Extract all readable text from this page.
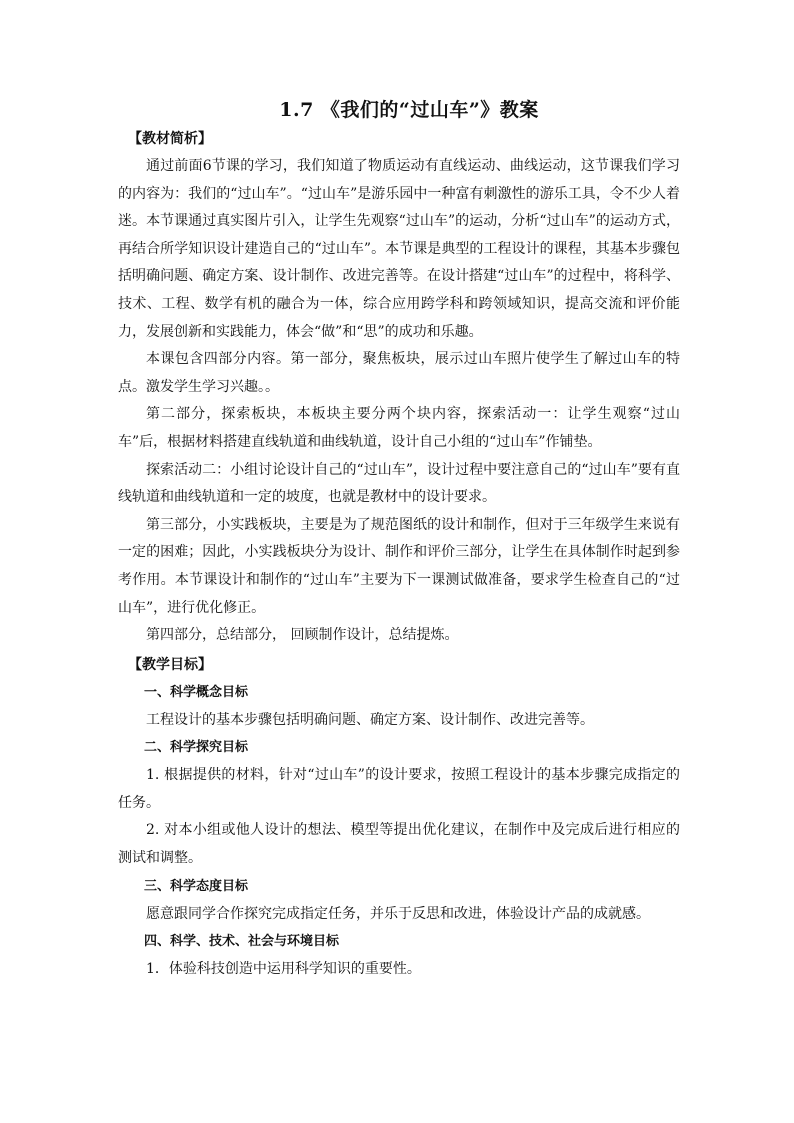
1.7 《我们的“过山车”》教案
【教材简析】

通过前面6节课的学习，我们知道了物质运动有直线运动、曲线运动，这节课我们学习的内容为：我们的“过山车”。“过山车”是游乐园中一种富有刺激性的游乐工具，令不少人着迷。本节课通过真实图片引入，让学生先观察“过山车”的运动，分析“过山车”的运动方式，再结合所学知识设计建造自己的“过山车”。本节课是典型的工程设计的课程，其基本步骤包括明确问题、确定方案、设计制作、改进完善等。在设计搭建“过山车”的过程中，将科学、技术、工程、数学有机的融合为一体，综合应用跨学科和跨领域知识，提高交流和评价能力，发展创新和实践能力，体会“做”和“思”的成功和乐趣。

本课包含四部分内容。第一部分，聚焦板块，展示过山车照片使学生了解过山车的特点。激发学生学习兴趣。。

第二部分，探索板块，本板块主要分两个块内容，探索活动一：让学生观察“过山车”后，根据材料搭建直线轨道和曲线轨道，设计自己小组的“过山车”作铺垫。

探索活动二：小组讨论设计自己的“过山车”，设计过程中要注意自己的“过山车”要有直线轨道和曲线轨道和一定的坡度，也就是教材中的设计要求。

第三部分，小实践板块，主要是为了规范图纸的设计和制作，但对于三年级学生来说有一定的困难；因此，小实践板块分为设计、制作和评价三部分，让学生在具体制作时起到参考作用。本节课设计和制作的“过山车”主要为下一课测试做准备，要求学生检查自己的“过山车”，进行优化修正。

第四部分，总结部分， 回顾制作设计，总结提炼。

【教学目标】
一、科学概念目标

工程设计的基本步骤包括明确问题、确定方案、设计制作、改进完善等。

二、科学探究目标

1. 根据提供的材料，针对“过山车”的设计要求，按照工程设计的基本步骤完成指定的任务。

2. 对本小组或他人设计的想法、模型等提出优化建议，在制作中及完成后进行相应的测试和调整。

三、科学态度目标

愿意跟同学合作探究完成指定任务，并乐于反思和改进，体验设计产品的成就感。

四、科学、技术、社会与环境目标

1．体验科技创造中运用科学知识的重要性。
